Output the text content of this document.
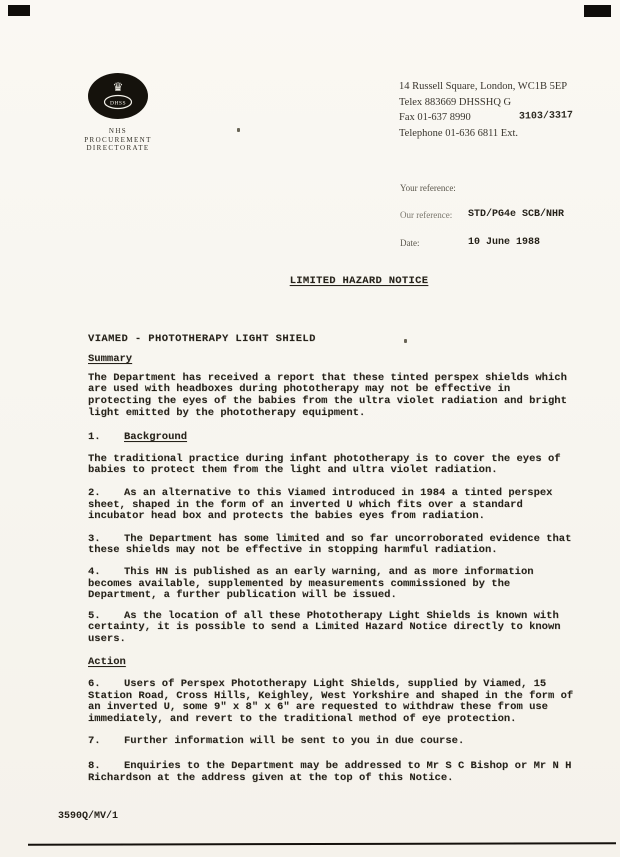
♛
DHSS
NHS
PROCUREMENT
DIRECTORATE
14 Russell Square, London, WC1B 5EP
Telex 883669 DHSSHQ G
Fax 01-637 8990
Telephone 01-636 6811 Ext.
3103/3317
Your reference:
Our reference: STD/PG4e SCB/NHR
Date:	10 June 1988
LIMITED HAZARD NOTICE
VIAMED - PHOTOTHERAPY LIGHT SHIELD

Summary

The Department has received a report that these tinted perspex shields which are used with headboxes during phototherapy may not be effective in protecting the eyes of the babies from the ultra violet radiation and bright light emitted by the phototherapy equipment.

1. Background

The traditional practice during infant phototherapy is to cover the eyes of babies to protect them from the light and ultra violet radiation.

2. As an alternative to this Viamed introduced in 1984 a tinted perspex sheet, shaped in the form of an inverted U which fits over a standard incubator head box and protects the babies eyes from radiation.

3. The Department has some limited and so far uncorroborated evidence that these shields may not be effective in stopping harmful radiation.

4. This HN is published as an early warning, and as more information becomes available, supplemented by measurements commissioned by the Department, a further publication will be issued.

5. As the location of all these Phototherapy Light Shields is known with certainty, it is possible to send a Limited Hazard Notice directly to known users.

Action

6. Users of Perspex Phototherapy Light Shields, supplied by Viamed, 15 Station Road, Cross Hills, Keighley, West Yorkshire and shaped in the form of an inverted U, some 9" x 8" x 6" are requested to withdraw these from use immediately, and revert to the traditional method of eye protection.

7. Further information will be sent to you in due course.

8. Enquiries to the Department may be addressed to Mr S C Bishop or Mr N H Richardson at the address given at the top of this Notice.

3590Q/MV/1
